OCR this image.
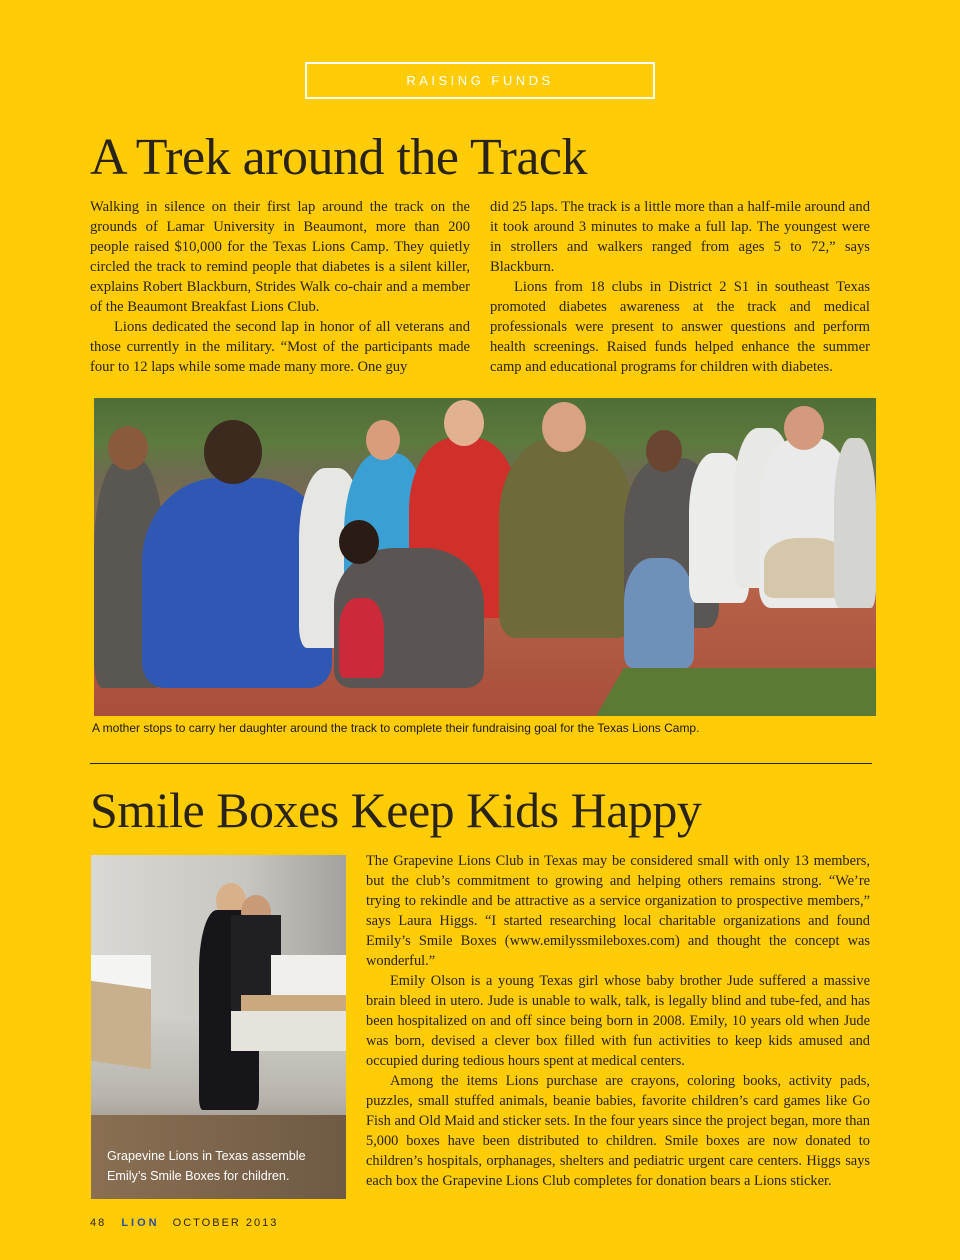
RAISING FUNDS
A Trek around the Track

Walking in silence on their first lap around the track on the grounds of Lamar University in Beaumont, more than 200 people raised $10,000 for the Texas Lions Camp. They quietly circled the track to remind people that diabetes is a silent killer, explains Robert Blackburn, Strides Walk co-chair and a member of the Beaumont Breakfast Lions Club.

Lions dedicated the second lap in honor of all veterans and those currently in the military. “Most of the participants made four to 12 laps while some made many more. One guy

did 25 laps. The track is a little more than a half-mile around and it took around 3 minutes to make a full lap. The youngest were in strollers and walkers ranged from ages 5 to 72,” says Blackburn.

Lions from 18 clubs in District 2 S1 in southeast Texas promoted diabetes awareness at the track and medical professionals were present to answer questions and perform health screenings. Raised funds helped enhance the summer camp and educational programs for children with diabetes.

A mother stops to carry her daughter around the track to complete their fundraising goal for the Texas Lions Camp.
Smile Boxes Keep Kids Happy
Grapevine Lions in Texas assemble Emily’s Smile Boxes for children.

The Grapevine Lions Club in Texas may be considered small with only 13 members, but the club’s commitment to growing and helping others remains strong. “We’re trying to rekindle and be attractive as a service organization to prospective members,” says Laura Higgs. “I started researching local charitable organizations and found Emily’s Smile Boxes (www.emilyssmileboxes.com) and thought the concept was wonderful.”

Emily Olson is a young Texas girl whose baby brother Jude suffered a massive brain bleed in utero. Jude is unable to walk, talk, is legally blind and tube-fed, and has been hospitalized on and off since being born in 2008. Emily, 10 years old when Jude was born, devised a clever box filled with fun activities to keep kids amused and occupied during tedious hours spent at medical centers.

Among the items Lions purchase are crayons, coloring books, activity pads, puzzles, small stuffed animals, beanie babies, favorite children’s card games like Go Fish and Old Maid and sticker sets. In the four years since the project began, more than 5,000 boxes have been distributed to children. Smile boxes are now donated to children’s hospitals, orphanages, shelters and pediatric urgent care centers. Higgs says each box the Grapevine Lions Club completes for donation bears a Lions sticker.

48 LION OCTOBER 2013
